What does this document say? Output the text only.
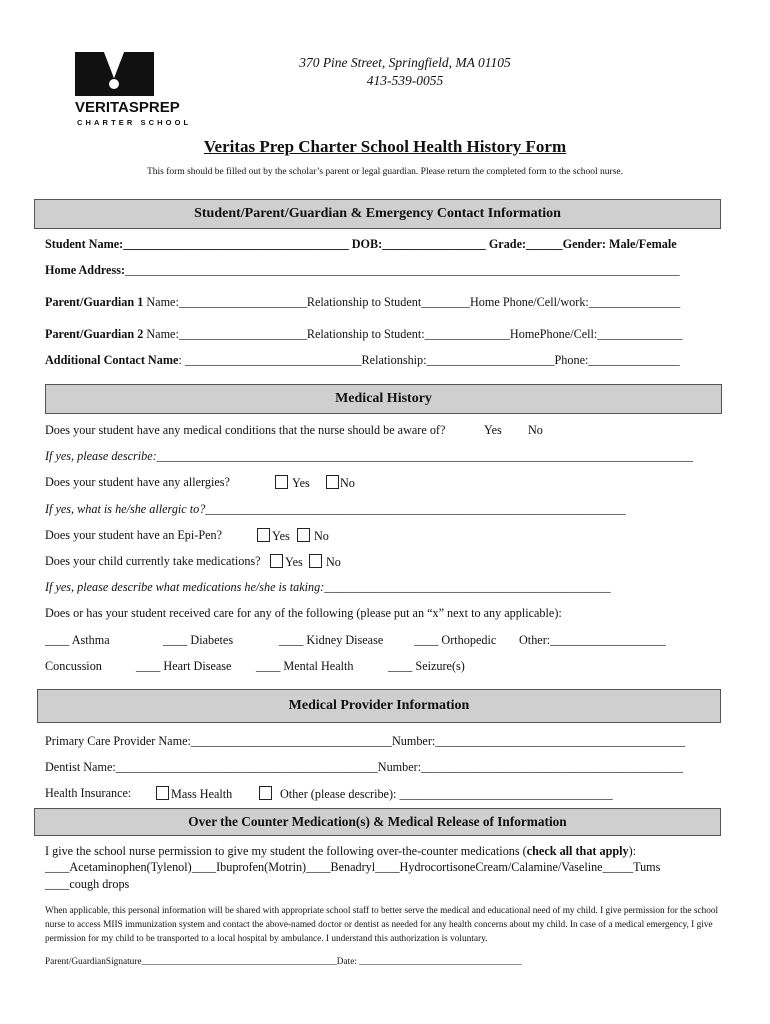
VERITASPREP
CHARTER SCHOOL
370 Pine Street, Springfield, MA 01105
413-539-0055
Veritas Prep Charter School Health History Form
This form should be filled out by the scholar’s parent or legal guardian. Please return the completed form to the school nurse.
Student/Parent/Guardian & Emergency Contact Information
Student Name:_____________________________________ DOB:_________________ Grade:______Gender: Male/Female
Home Address:___________________________________________________________________________________________
Parent/Guardian 1 Name:_____________________Relationship to Student________Home Phone/Cell/work:_______________
Parent/Guardian 2 Name:_____________________Relationship to Student:______________HomePhone/Cell:______________
Additional Contact Name: _____________________________Relationship:_____________________Phone:_______________
Medical History
Does your student have any medical conditions that the nurse should be aware of?	Yes No
If yes, please describe:________________________________________________________________________________________
Does your student have any allergies?	Yes	No
If yes, what is he/she allergic to?_____________________________________________________________________
Does your student have an Epi-Pen?	Yes	No
Does your child currently take medications?	Yes	No
If yes, please describe what medications he/she is taking:_______________________________________________
Does or has your student received care for any of the following (please put an “x” next to any applicable):
____ Asthma	____ Diabetes	____ Kidney Disease	____ Orthopedic Other:___________________
Concussion	____ Heart Disease ____ Mental Health	____ Seizure(s)
Medical Provider Information
Primary Care Provider Name:_________________________________Number:_________________________________________
Dentist Name:___________________________________________Number:___________________________________________
Health Insurance:	Mass Health	Other (please describe): ___________________________________
Over the Counter Medication(s) & Medical Release of Information
I give the school nurse permission to give my student the following over-the-counter medications (check all that apply):
____Acetaminophen(Tylenol)____Ibuprofen(Motrin)____Benadryl____HydrocortisoneCream/Calamine/Vaseline_____Tums
____cough drops
When applicable, this personal information will be shared with appropriate school staff to better serve the medical and educational need of my child. I give permission for the school nurse to access MIIS immunization system and contact the above-named doctor or dentist as needed for any health concerns about my child. In case of a medical emergency, I give permission for my child to be transported to a local hospital by ambulance. I understand this authorization is voluntary.
Parent/GuardianSignature__________________________________________Date: ___________________________________
